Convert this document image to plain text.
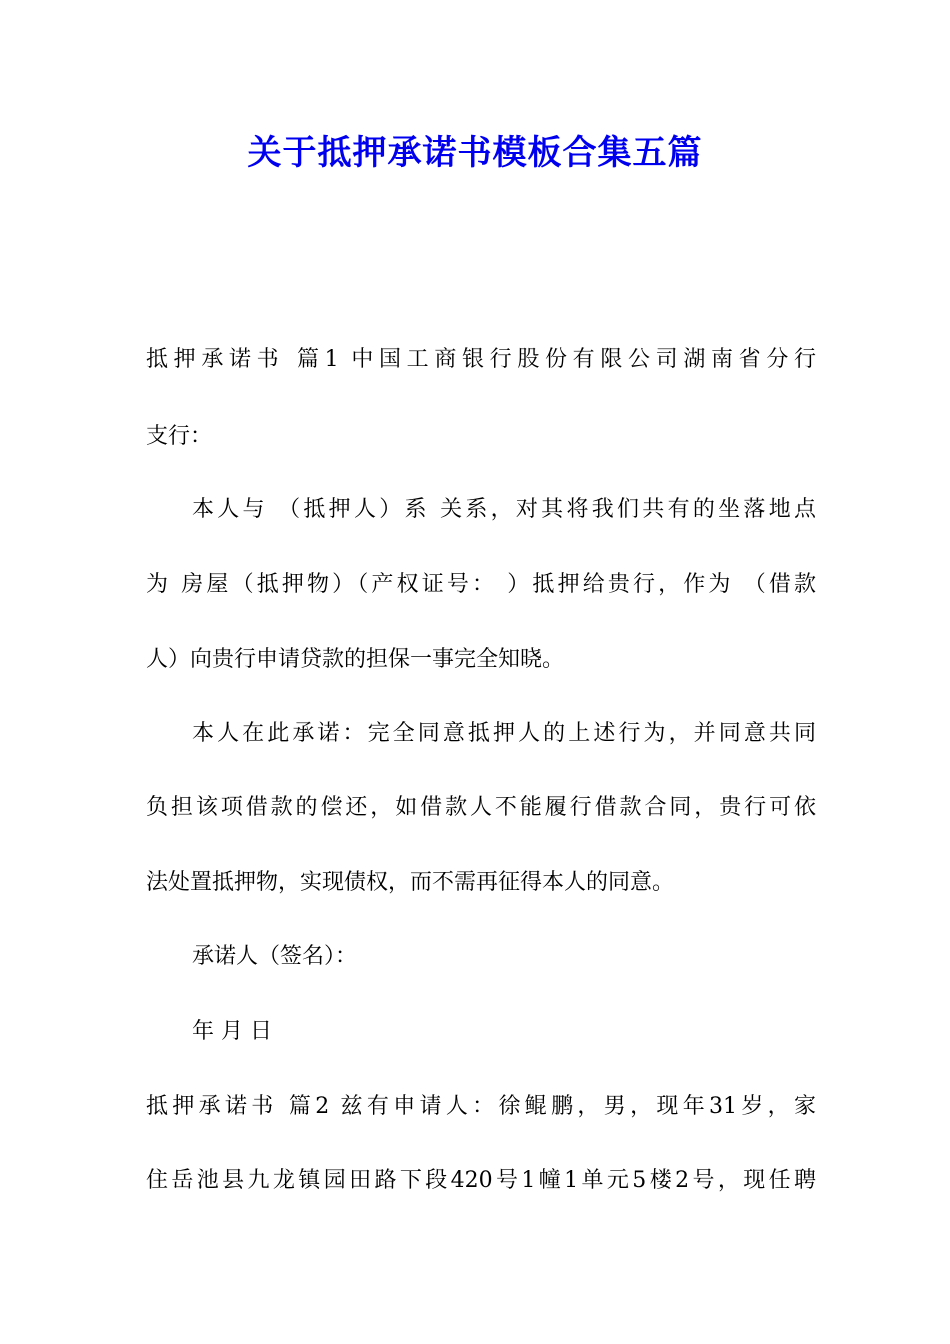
关于抵押承诺书模板合集五篇

抵押承诺书 篇1 中国工商银行股份有限公司湖南省分行

支行：

本人与 （抵押人）系 关系，对其将我们共有的坐落地点

为 房屋（抵押物）（产权证号： ）抵押给贵行，作为 （借款

人）向贵行申请贷款的担保一事完全知晓。

本人在此承诺：完全同意抵押人的上述行为，并同意共同

负担该项借款的偿还，如借款人不能履行借款合同，贵行可依

法处置抵押物，实现债权，而不需再征得本人的同意。

承诺人（签名）：

年 月 日

抵押承诺书 篇2 兹有申请人：徐鲲鹏，男，现年31岁，家

住岳池县九龙镇园田路下段420号1幢1单元5楼2号，现任聘
